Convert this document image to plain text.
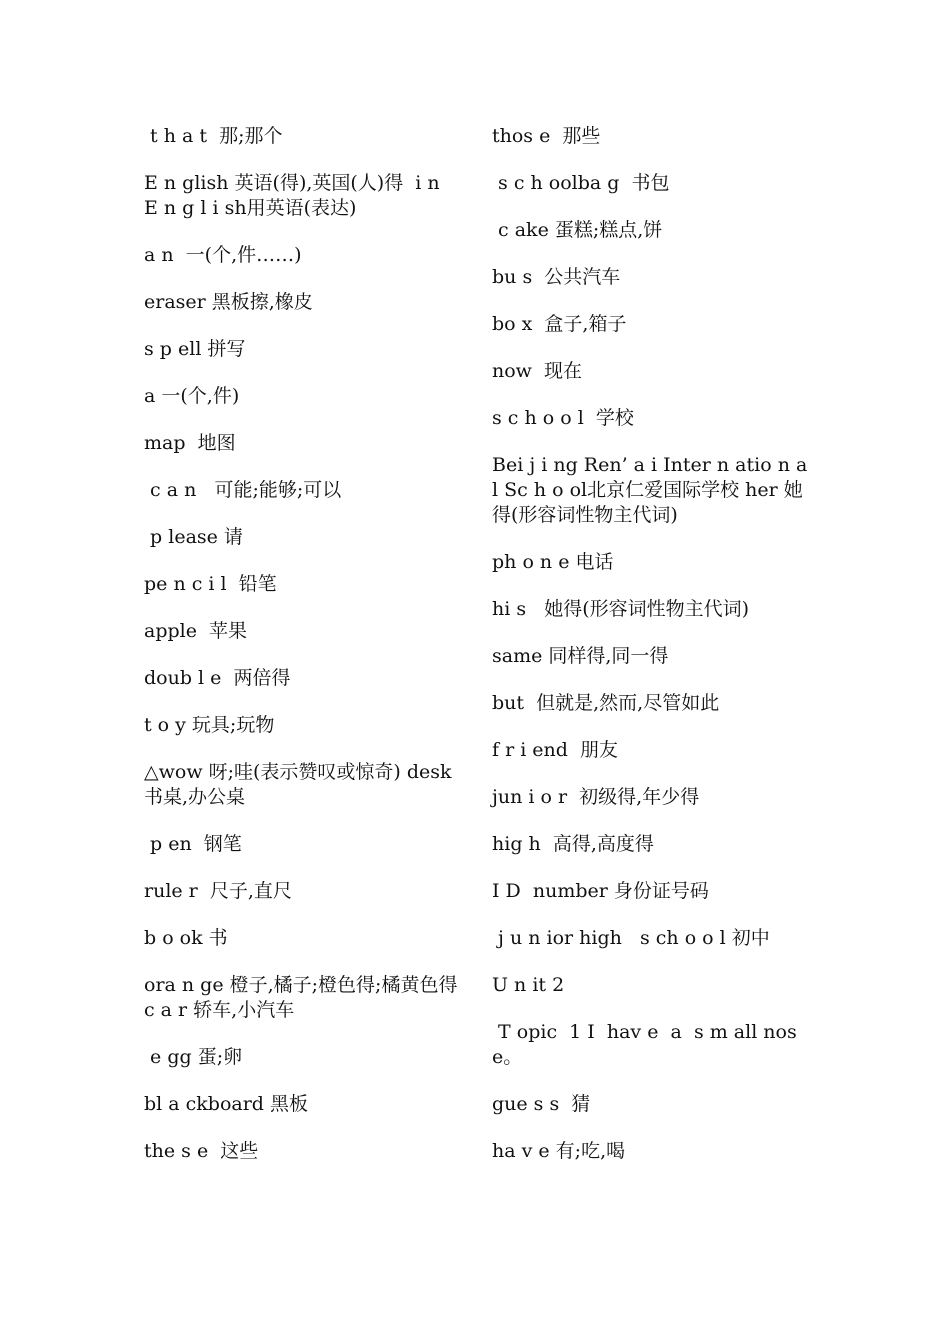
t h a t  那;那个

E n glish 英语(得),英国(人)得  i n   E n g l i sh用英语(表达)

a n  一(个,件……)

eraser 黑板擦,橡皮

s p ell 拼写

a 一(个,件)

map  地图

c a n   可能;能够;可以

p lease 请

pe n c i l  铅笔

apple  苹果

doub l e  两倍得

t o y 玩具;玩物

△wow 呀;哇(表示赞叹或惊奇) desk 书桌,办公桌

p en  钢笔

rule r  尺子,直尺

b o ok 书

ora n ge 橙子,橘子;橙色得;橘黄色得 c a r 轿车,小汽车

e gg 蛋;卵

bl a ckboard 黑板

the s e  这些

thos e  那些

s c h oolba g  书包

c ake 蛋糕;糕点,饼

bu s  公共汽车

bo x  盒子,箱子

now  现在

s c h o o l  学校

Bei j i ng Ren’ a i Inter n atio n a l Sc h o ol北京仁爱国际学校 her 她得(形容词性物主代词)

ph o n e 电话

hi s   她得(形容词性物主代词)

same 同样得,同一得

but  但就是,然而,尽管如此

f r i end  朋友

jun i o r  初级得,年少得

hig h  高得,高度得

I D  number 身份证号码

j u n ior high   s ch o o l 初中

U n it 2

T opic  1 I  hav e  a  s m all nose。

gue s s  猜

ha v e 有;吃,喝
